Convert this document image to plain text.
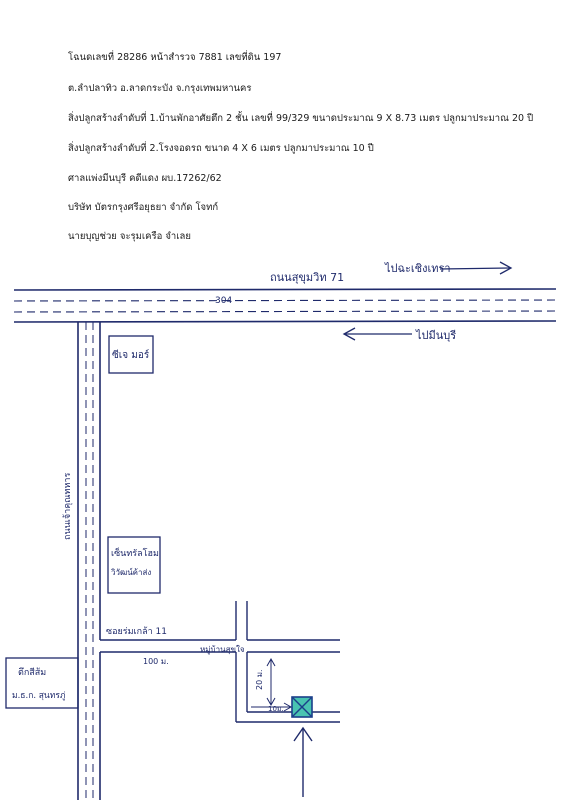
โฉนดเลขที่ 28286 หน้าสำรวจ 7881 เลขที่ดิน 197
ต.ลำปลาทิว อ.ลาดกระบัง จ.กรุงเทพมหานคร
สิ่งปลูกสร้างลำดับที่ 1.บ้านพักอาศัยตึก 2 ชั้น เลขที่ 99/329 ขนาดประมาณ 9 X 8.73 เมตร ปลูกมาประมาณ 20 ปี
สิ่งปลูกสร้างลำดับที่ 2.โรงจอดรถ ขนาด 4 X 6 เมตร ปลูกมาประมาณ 10 ปี
ศาลแพ่งมีนบุรี คดีแดง ผบ.17262/62
บริษัท บัตรกรุงศรีอยุธยา จำกัด โจทก์
นายบุญช่วย จะรุมเครือ จำเลย
ถนนสุขุมวิท 71
304
ไปฉะเชิงเทรา
ไปมีนบุรี
ซีเจ มอร์
ถนนเจ้าคุณทหาร
เซ็นทรัลโฮม
วิวัฒน์ค้าส่ง
ซอยร่มเกล้า 11
100 ม.
หมู่บ้านสุขใจ
20 ม.
10ม.
ตึกสีส้ม
ม.ธ.ก. สุนทรภู่
